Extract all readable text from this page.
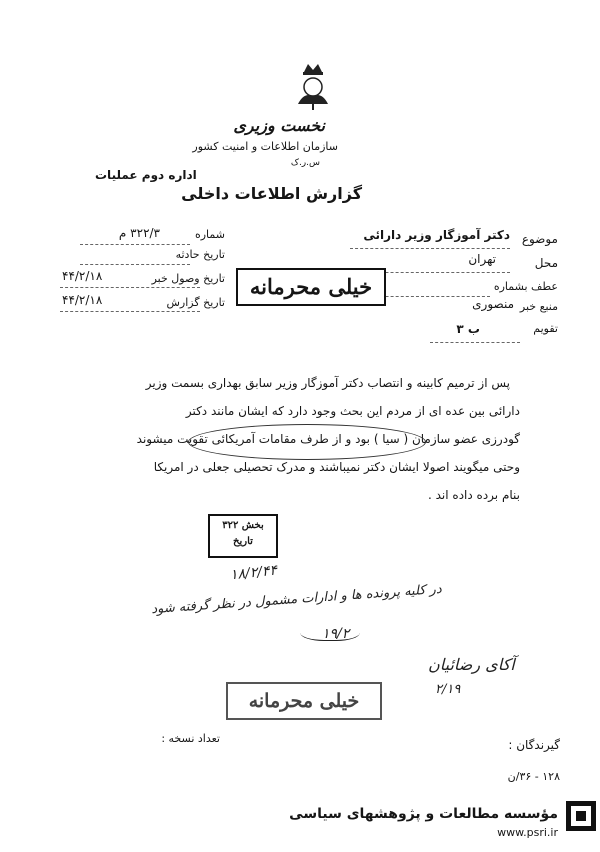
نخست وزیری
سازمان اطلاعات و امنیت کشور
س.ر.ک
اداره دوم عملیات
گزارش اطلاعات داخلی
موضوع
دکتر آموزگار وزیر دارائی
محل
تهران
عطف بشماره
منبع خبر
منصوری
تقویم
ب ۳
شماره
۳۲۲/۳ م
تاریخ حادثه
تاریخ وصول خبر
۴۴/۲/۱۸
تاریخ گزارش
۴۴/۲/۱۸
خیلی محرمانه
پس از ترمیم کابینه و انتصاب دکتر آموزگار وزیر سابق بهداری بسمت وزیر
دارائی بین عده ای از مردم این بحث وجود دارد که ایشان مانند دکتر
گودرزی عضو سازمان ( سیا ) بود و از طرف مقامات آمریکائی تقویت میشوند
وحتی میگویند اصولا ایشان دکتر نمیباشند و مدرک تحصیلی جعلی در امریکا
بنام برده داده اند .
بخش ۳۲۲
تاریخ
۱۸/۲/۴۴
در کلیه پرونده ها و ادارات مشمول در نظر گرفته شود
۱۹/۲
ﺁﻛﺎﻯ ﺭﺿﺎﺋﻴﺎﻥ
۲/۱۹
خیلی محرمانه
گیرندگان :
تعداد نسخه :
۱۲۸ - ۳۶/ن
مؤسسه مطالعات و پژوهشهای سیاسی
www.psri.ir
